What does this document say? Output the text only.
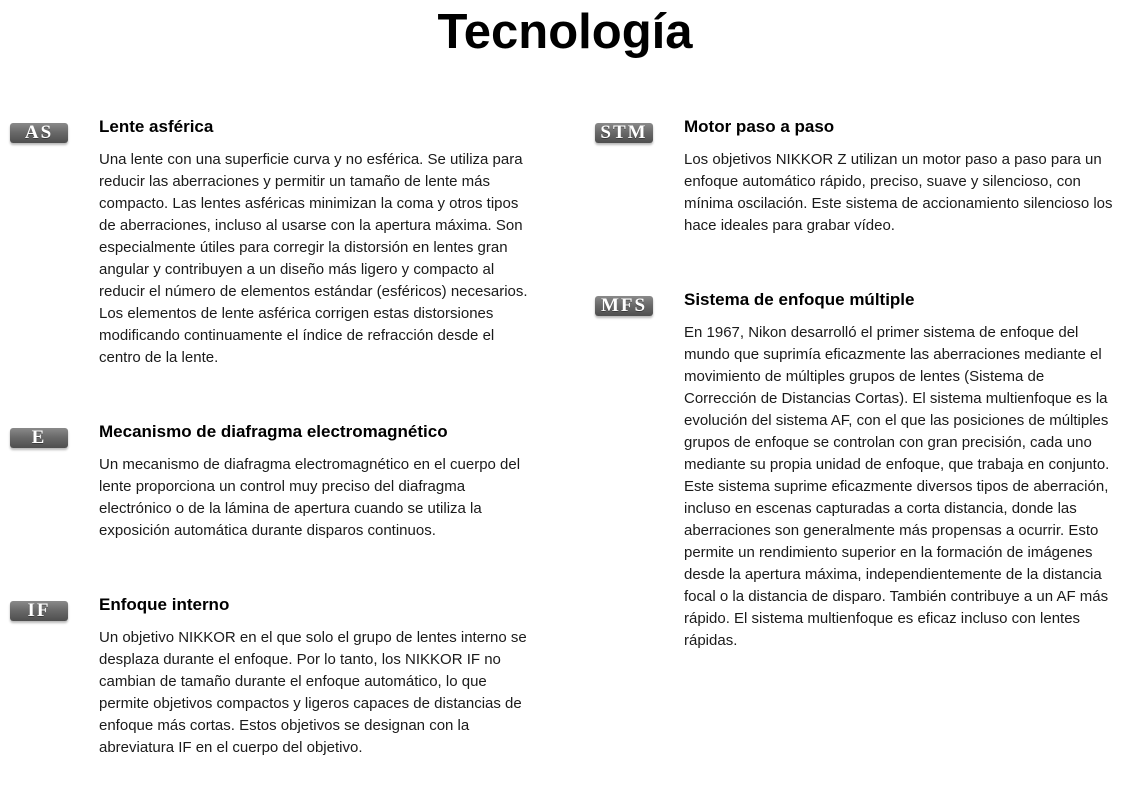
Tecnología
AS	Lente asférica

Una lente con una superficie curva y no esférica. Se utiliza para reducir las aberraciones y permitir un tamaño de lente más compacto. Las lentes asféricas minimizan la coma y otros tipos de aberraciones, incluso al usarse con la apertura máxima. Son especialmente útiles para corregir la distorsión en lentes gran angular y contribuyen a un diseño más ligero y compacto al reducir el número de elementos estándar (esféricos) necesarios. Los elementos de lente asférica corrigen estas distorsiones modificando continuamente el índice de refracción desde el centro de la lente.

E	Mecanismo de diafragma electromagnético

Un mecanismo de diafragma electromagnético en el cuerpo del lente proporciona un control muy preciso del diafragma electrónico o de la lámina de apertura cuando se utiliza la exposición automática durante disparos continuos.

IF	Enfoque interno

Un objetivo NIKKOR en el que solo el grupo de lentes interno se desplaza durante el enfoque. Por lo tanto, los NIKKOR IF no cambian de tamaño durante el enfoque automático, lo que permite objetivos compactos y ligeros capaces de distancias de enfoque más cortas. Estos objetivos se designan con la abreviatura IF en el cuerpo del objetivo.

STM	Motor paso a paso

Los objetivos NIKKOR Z utilizan un motor paso a paso para un enfoque automático rápido, preciso, suave y silencioso, con mínima oscilación. Este sistema de accionamiento silencioso los hace ideales para grabar vídeo.

MFS	Sistema de enfoque múltiple

En 1967, Nikon desarrolló el primer sistema de enfoque del mundo que suprimía eficazmente las aberraciones mediante el movimiento de múltiples grupos de lentes (Sistema de Corrección de Distancias Cortas). El sistema multienfoque es la evolución del sistema AF, con el que las posiciones de múltiples grupos de enfoque se controlan con gran precisión, cada uno mediante su propia unidad de enfoque, que trabaja en conjunto. Este sistema suprime eficazmente diversos tipos de aberración, incluso en escenas capturadas a corta distancia, donde las aberraciones son generalmente más propensas a ocurrir. Esto permite un rendimiento superior en la formación de imágenes desde la apertura máxima, independientemente de la distancia focal o la distancia de disparo. También contribuye a un AF más rápido. El sistema multienfoque es eficaz incluso con lentes rápidas.
